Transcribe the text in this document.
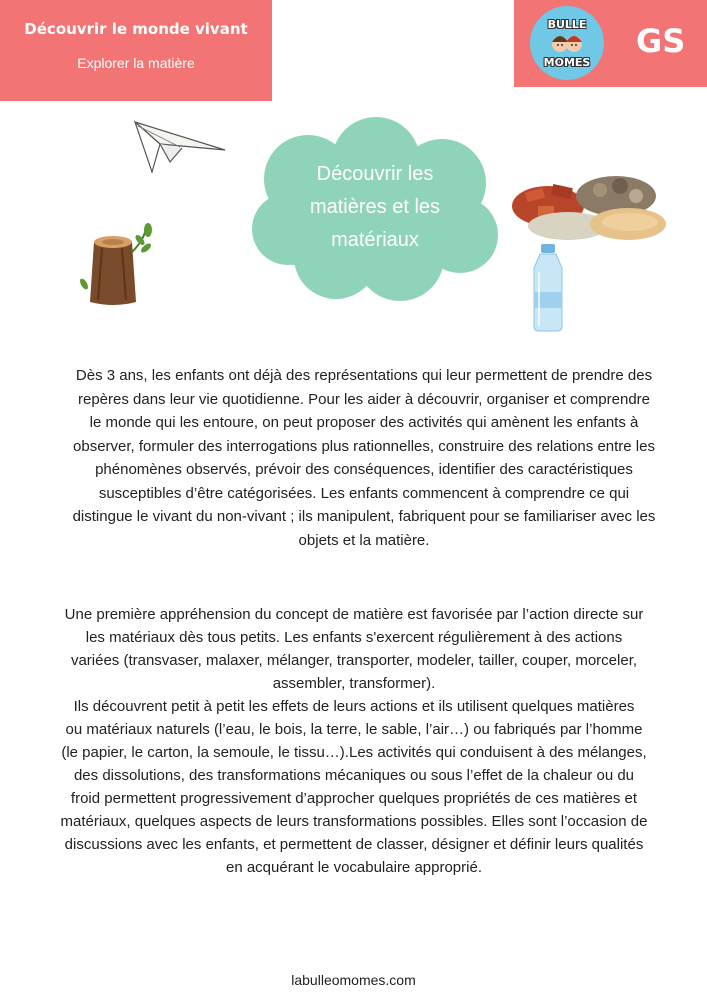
Découvrir le monde vivant
Explorer la matière
BULLE
MOMES
GS
Découvrir les
matières et les
matériaux
Dès 3 ans, les enfants ont déjà des représentations qui leur permettent de prendre des
repères dans leur vie quotidienne. Pour les aider à découvrir, organiser et comprendre
le monde qui les entoure, on peut proposer des activités qui amènent les enfants à
observer, formuler des interrogations plus rationnelles, construire des relations entre les
phénomènes observés, prévoir des conséquences, identifier des caractéristiques
susceptibles d’être catégorisées. Les enfants commencent à comprendre ce qui
distingue le vivant du non-vivant ; ils manipulent, fabriquent pour se familiariser avec les
objets et la matière.
Une première appréhension du concept de matière est favorisée par l’action directe sur
les matériaux dès tous petits. Les enfants s'exercent régulièrement à des actions
variées (transvaser, malaxer, mélanger, transporter, modeler, tailler, couper, morceler,
assembler, transformer).
Ils découvrent petit à petit les effets de leurs actions et ils utilisent quelques matières
ou matériaux naturels (l’eau, le bois, la terre, le sable, l’air…) ou fabriqués par l’homme
(le papier, le carton, la semoule, le tissu…).Les activités qui conduisent à des mélanges,
des dissolutions, des transformations mécaniques ou sous l’effet de la chaleur ou du
froid permettent progressivement d’approcher quelques propriétés de ces matières et
matériaux, quelques aspects de leurs transformations possibles. Elles sont l’occasion de
discussions avec les enfants, et permettent de classer, désigner et définir leurs qualités
en acquérant le vocabulaire approprié.
labulleomomes.com
